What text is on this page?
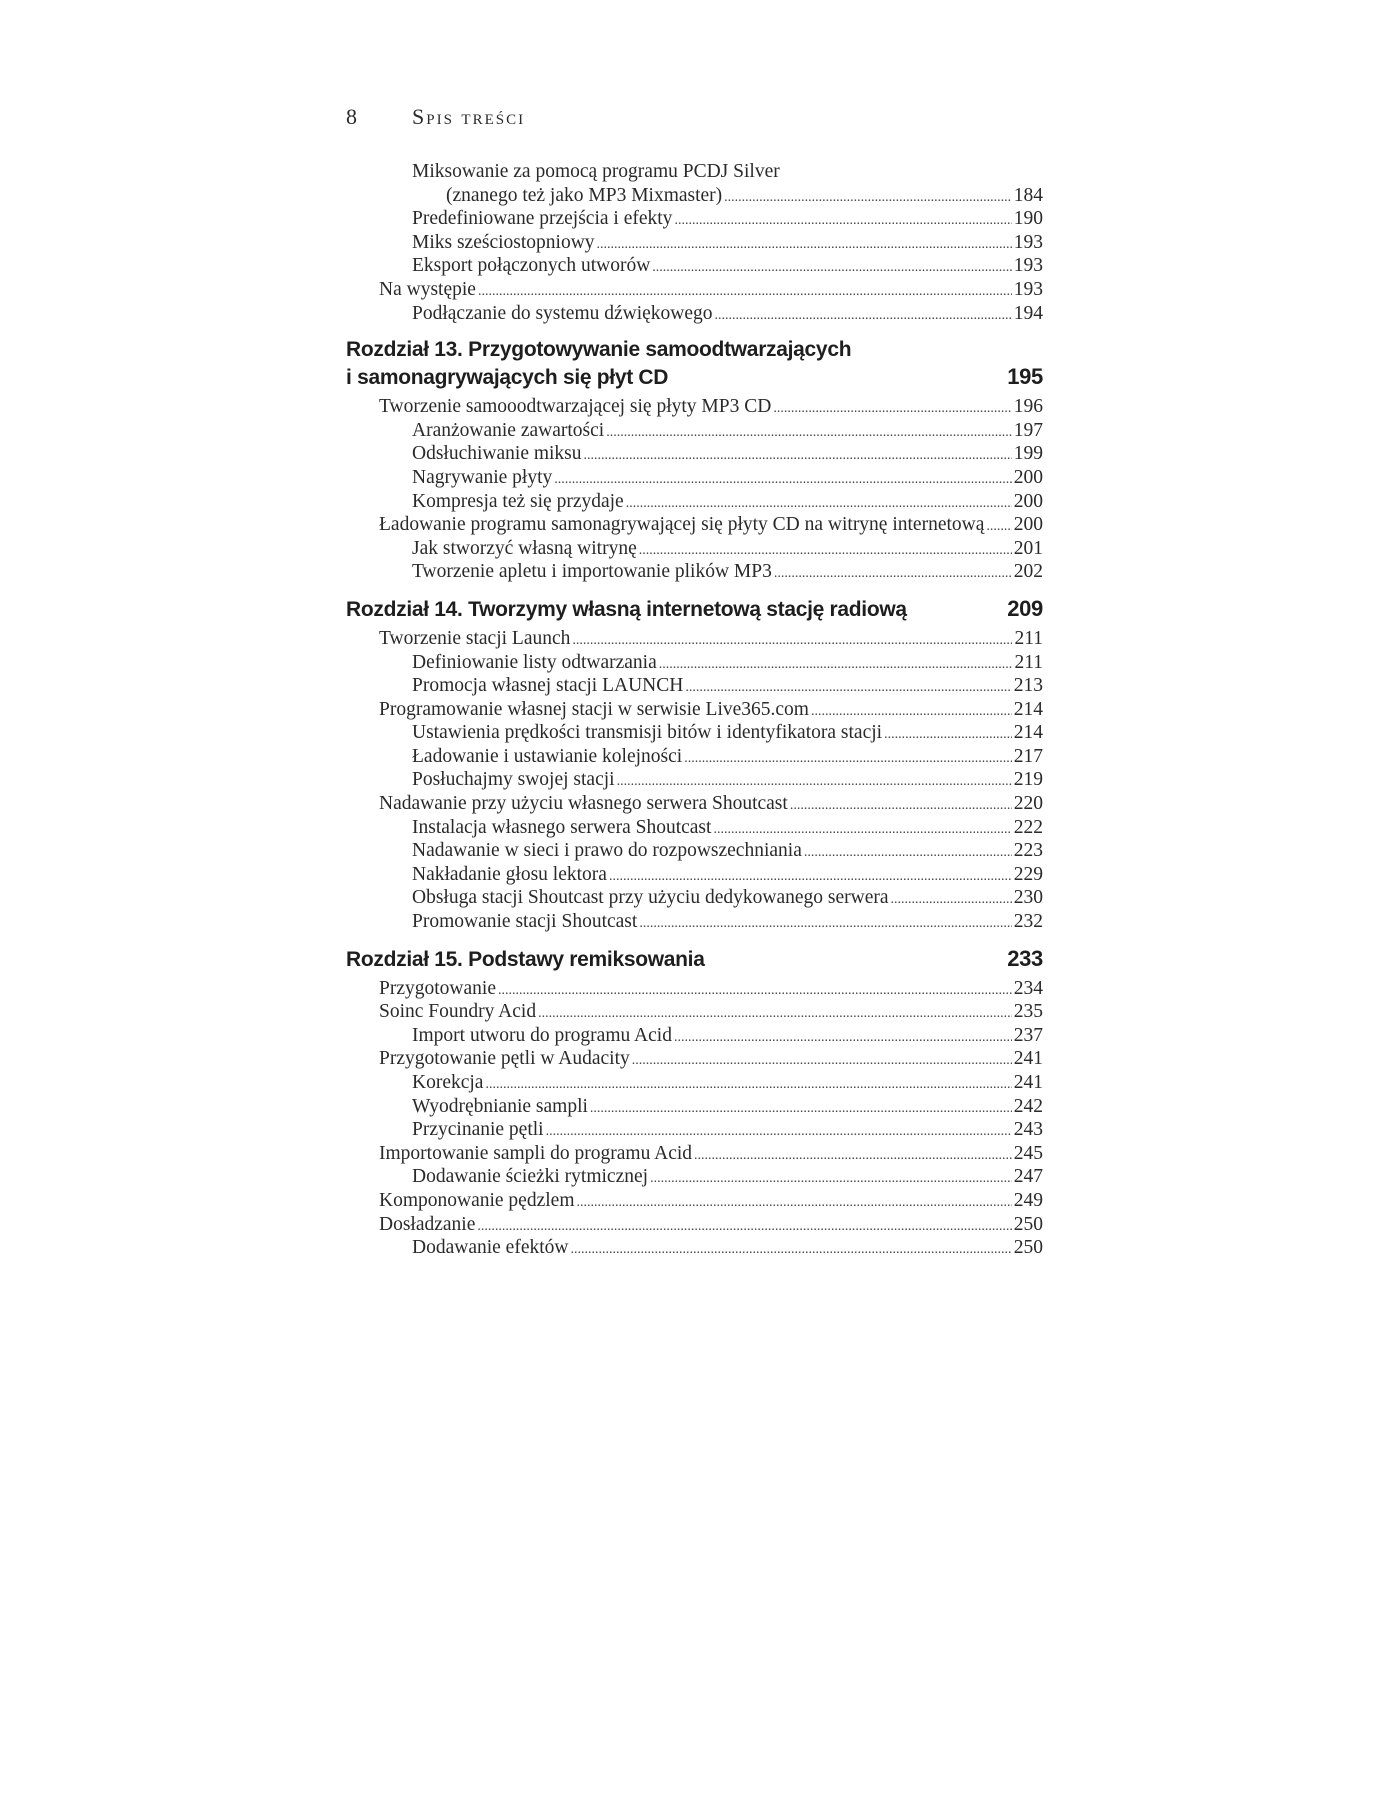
8 Spis treści
Miksowanie za pomocą programu PCDJ Silver
(znanego też jako MP3 Mixmaster) .....	184
Predefiniowane przejścia i efekty .....	190
Miks sześciostopniowy .....	193
Eksport połączonych utworów .....	193
Na występie .....	193
Podłączanie do systemu dźwiękowego .....	194
Rozdział 13. Przygotowywanie samoodtwarzających
i samonagrywających się płyt CD	195
Tworzenie samooodtwarzającej się płyty MP3 CD .....	196
Aranżowanie zawartości .....	197
Odsłuchiwanie miksu .....	199
Nagrywanie płyty .....	200
Kompresja też się przydaje .....	200
Ładowanie programu samonagrywającej się płyty CD na witrynę internetową ..... 200
Jak stworzyć własną witrynę .....	201
Tworzenie apletu i importowanie plików MP3 .....	202
Rozdział 14. Tworzymy własną internetową stację radiową	209
Tworzenie stacji Launch .....	211
Definiowanie listy odtwarzania .....	211
Promocja własnej stacji LAUNCH .....	213
Programowanie własnej stacji w serwisie Live365.com .....	214
Ustawienia prędkości transmisji bitów i identyfikatora stacji .....	214
Ładowanie i ustawianie kolejności .....	217
Posłuchajmy swojej stacji .....	219
Nadawanie przy użyciu własnego serwera Shoutcast .....	220
Instalacja własnego serwera Shoutcast .....	222
Nadawanie w sieci i prawo do rozpowszechniania .....	223
Nakładanie głosu lektora .....	229
Obsługa stacji Shoutcast przy użyciu dedykowanego serwera .....	230
Promowanie stacji Shoutcast .....	232
Rozdział 15. Podstawy remiksowania	233
Przygotowanie .....	234
Soinc Foundry Acid .....	235
Import utworu do programu Acid .....	237
Przygotowanie pętli w Audacity .....	241
Korekcja .....	241
Wyodrębnianie sampli .....	242
Przycinanie pętli .....	243
Importowanie sampli do programu Acid .....	245
Dodawanie ścieżki rytmicznej .....	247
Komponowanie pędzlem .....	249
Dosładzanie .....	250
Dodawanie efektów .....	250
